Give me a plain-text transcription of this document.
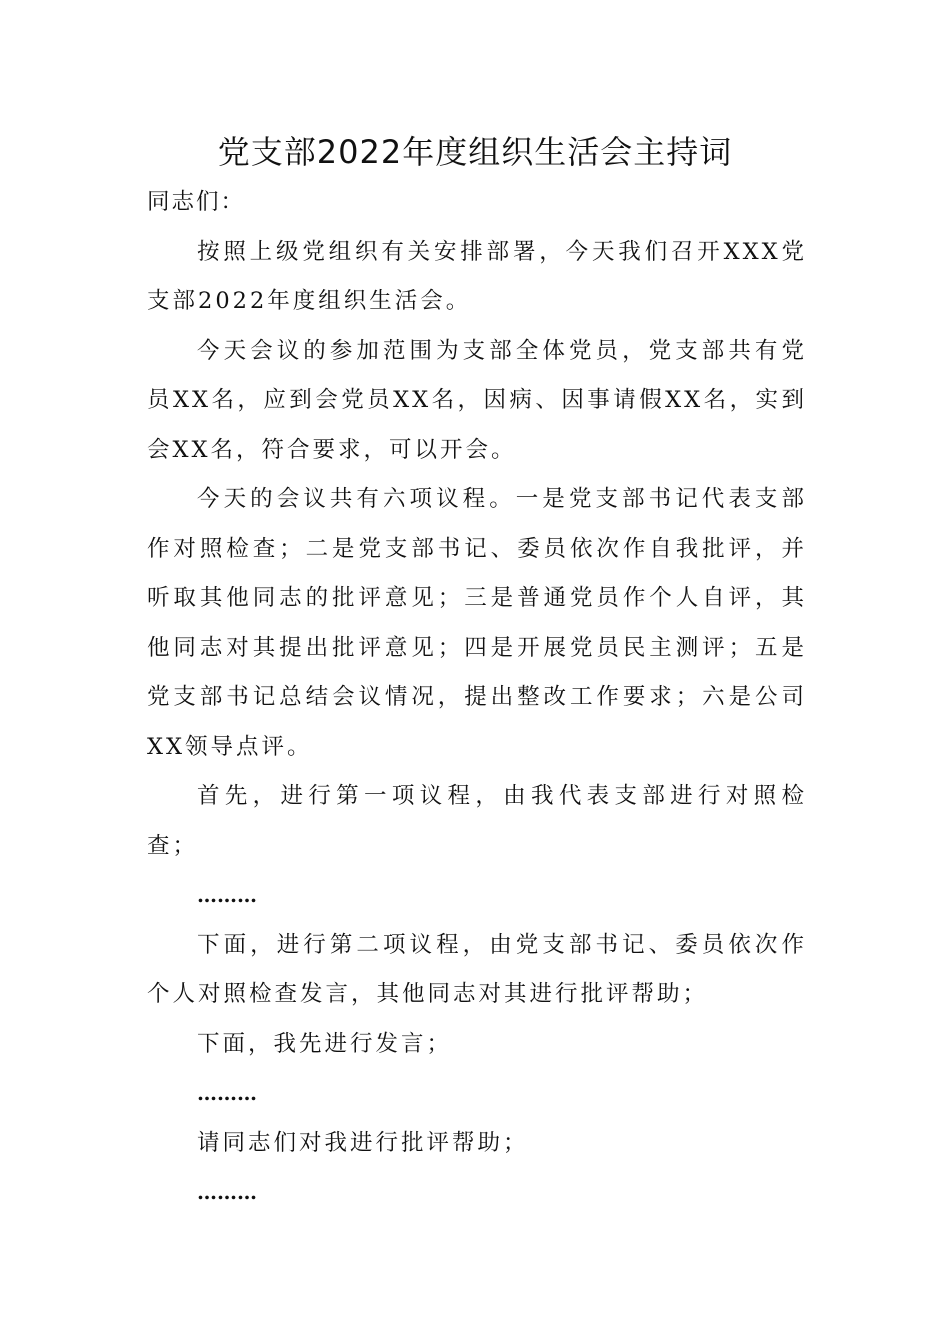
党支部2022年度组织生活会主持词

同志们：

按照上级党组织有关安排部署，今天我们召开XXX党支部2022年度组织生活会。

今天会议的参加范围为支部全体党员，党支部共有党员XX名，应到会党员XX名，因病、因事请假XX名，实到会XX名，符合要求，可以开会。

今天的会议共有六项议程。一是党支部书记代表支部作对照检查；二是党支部书记、委员依次作自我批评，并听取其他同志的批评意见；三是普通党员作个人自评，其他同志对其提出批评意见；四是开展党员民主测评；五是党支部书记总结会议情况，提出整改工作要求；六是公司XX领导点评。

首先，进行第一项议程，由我代表支部进行对照检查；

………

下面，进行第二项议程，由党支部书记、委员依次作个人对照检查发言，其他同志对其进行批评帮助；

下面，我先进行发言；

………

请同志们对我进行批评帮助；

………
